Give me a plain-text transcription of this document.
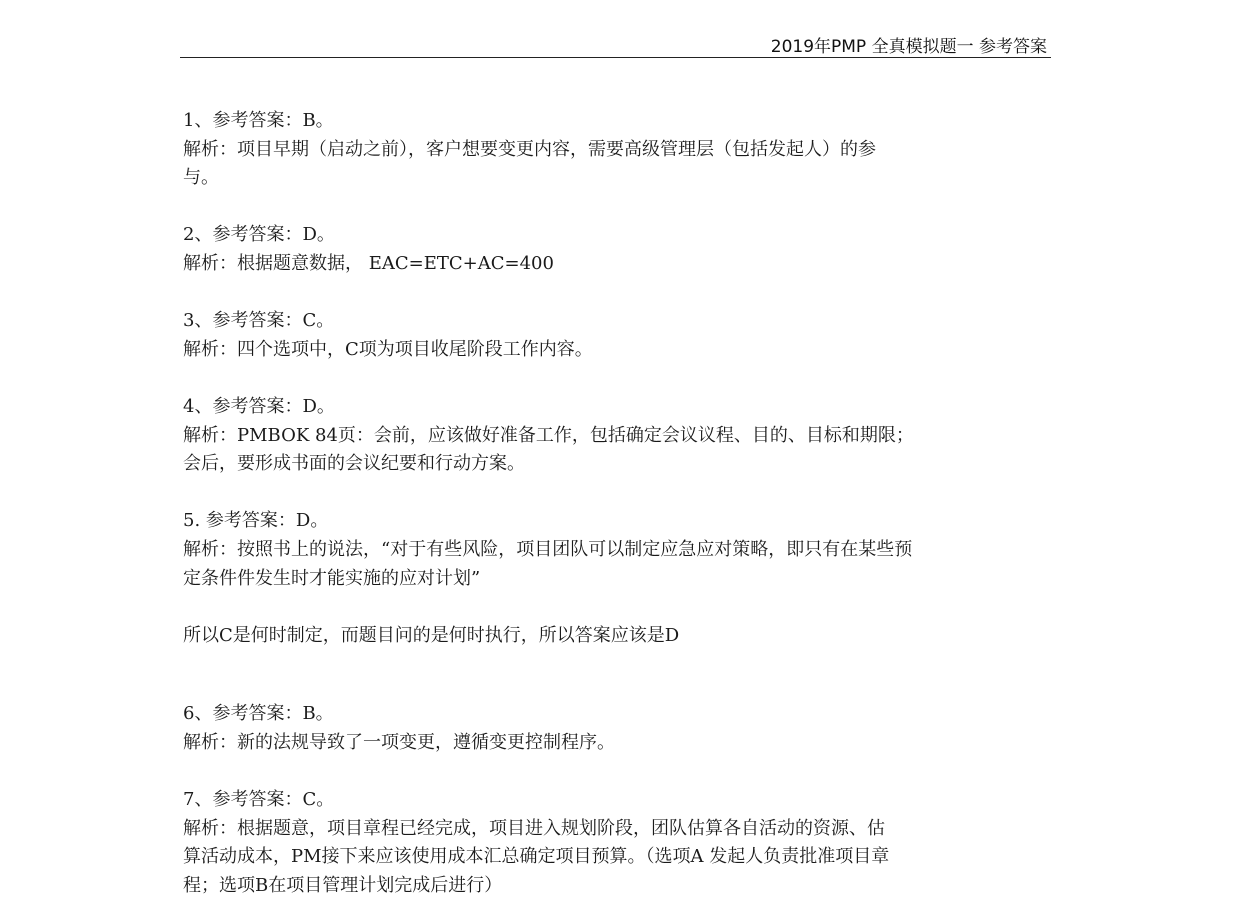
2019年PMP 全真模拟题一 参考答案
1、参考答案：B。
解析：项目早期（启动之前），客户想要变更内容，需要高级管理层（包括发起人）的参
与。
2、参考答案：D。
解析：根据题意数据， EAC=ETC+AC=400
3、参考答案：C。
解析：四个选项中，C项为项目收尾阶段工作内容。
4、参考答案：D。
解析：PMBOK 84页：会前，应该做好准备工作，包括确定会议议程、目的、目标和期限；
会后，要形成书面的会议纪要和行动方案。
5. 参考答案：D。
解析：按照书上的说法，“对于有些风险，项目团队可以制定应急应对策略，即只有在某些预
定条件件发生时才能实施的应对计划”
所以C是何时制定，而题目问的是何时执行，所以答案应该是D
6、参考答案：B。
解析：新的法规导致了一项变更，遵循变更控制程序。
7、参考答案：C。
解析：根据题意，项目章程已经完成，项目进入规划阶段，团队估算各自活动的资源、估
算活动成本，PM接下来应该使用成本汇总确定项目预算。（选项A 发起人负责批准项目章
程；选项B在项目管理计划完成后进行）
